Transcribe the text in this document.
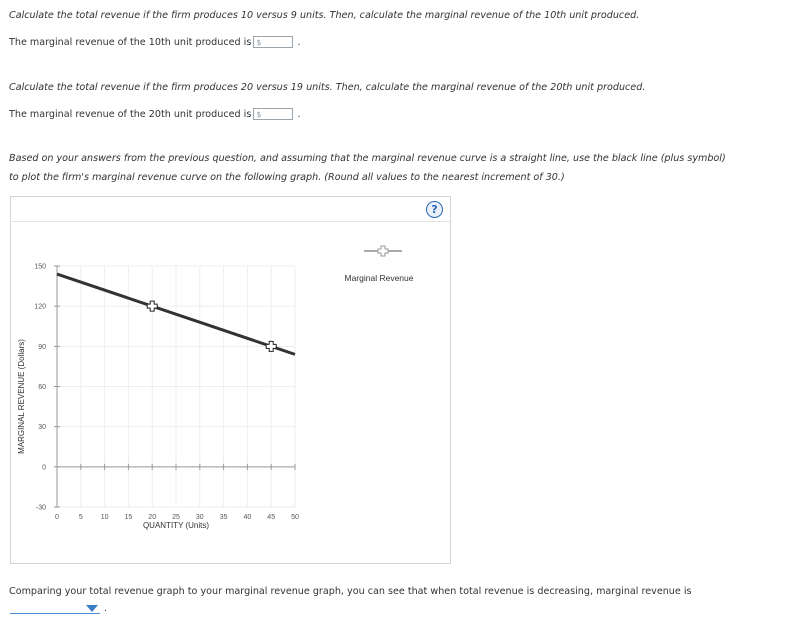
Calculate the total revenue if the firm produces 10 versus 9 units. Then, calculate the marginal revenue of the 10th unit produced.
The marginal revenue of the 10th unit produced is $	.
Calculate the total revenue if the firm produces 20 versus 19 units. Then, calculate the marginal revenue of the 20th unit produced.
The marginal revenue of the 20th unit produced is $	.
Based on your answers from the previous question, and assuming that the marginal revenue curve is a straight line, use the black line (plus symbol)
to plot the firm's marginal revenue curve on the following graph. (Round all values to the nearest increment of 30.)
?
-30
0
30
60
90
120
150
0	5	10 15 20 25 30 35 40 45 50
QUANTITY (Units)
MARGINAL REVENUE (Dollars)
Marginal Revenue
Comparing your total revenue graph to your marginal revenue graph, you can see that when total revenue is decreasing, marginal revenue is
.
